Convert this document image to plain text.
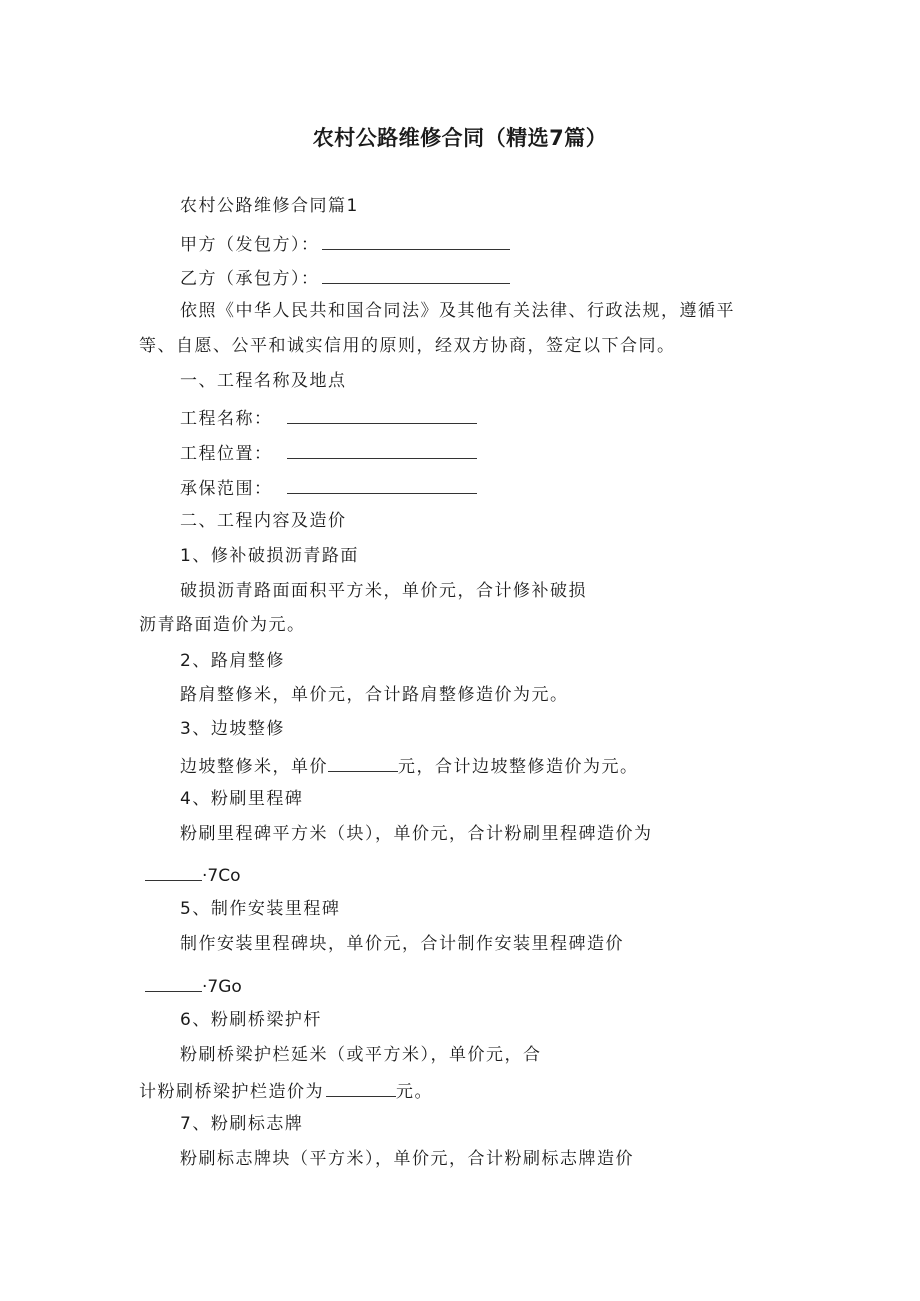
农村公路维修合同（精选7篇）
农村公路维修合同篇1
甲方（发包方）：
乙方（承包方）：
依照《中华人民共和国合同法》及其他有关法律、行政法规，遵循平
等、自愿、公平和诚实信用的原则，经双方协商，签定以下合同。
一、工程名称及地点
工程名称：
工程位置：
承保范围：
二、工程内容及造价
1、修补破损沥青路面
破损沥青路面面积平方米，单价元，合计修补破损
沥青路面造价为元。
2、路肩整修
路肩整修米，单价元，合计路肩整修造价为元。
3、边坡整修
边坡整修米，单价	元，合计边坡整修造价为元。
4、粉刷里程碑
粉刷里程碑平方米（块），单价元，合计粉刷里程碑造价为
·7Co
5、制作安装里程碑
制作安装里程碑块，单价元，合计制作安装里程碑造价
·7Go
6、粉刷桥梁护杆
粉刷桥梁护栏延米（或平方米），单价元，合
计粉刷桥梁护栏造价为	元。
7、粉刷标志牌
粉刷标志牌块（平方米），单价元，合计粉刷标志牌造价
